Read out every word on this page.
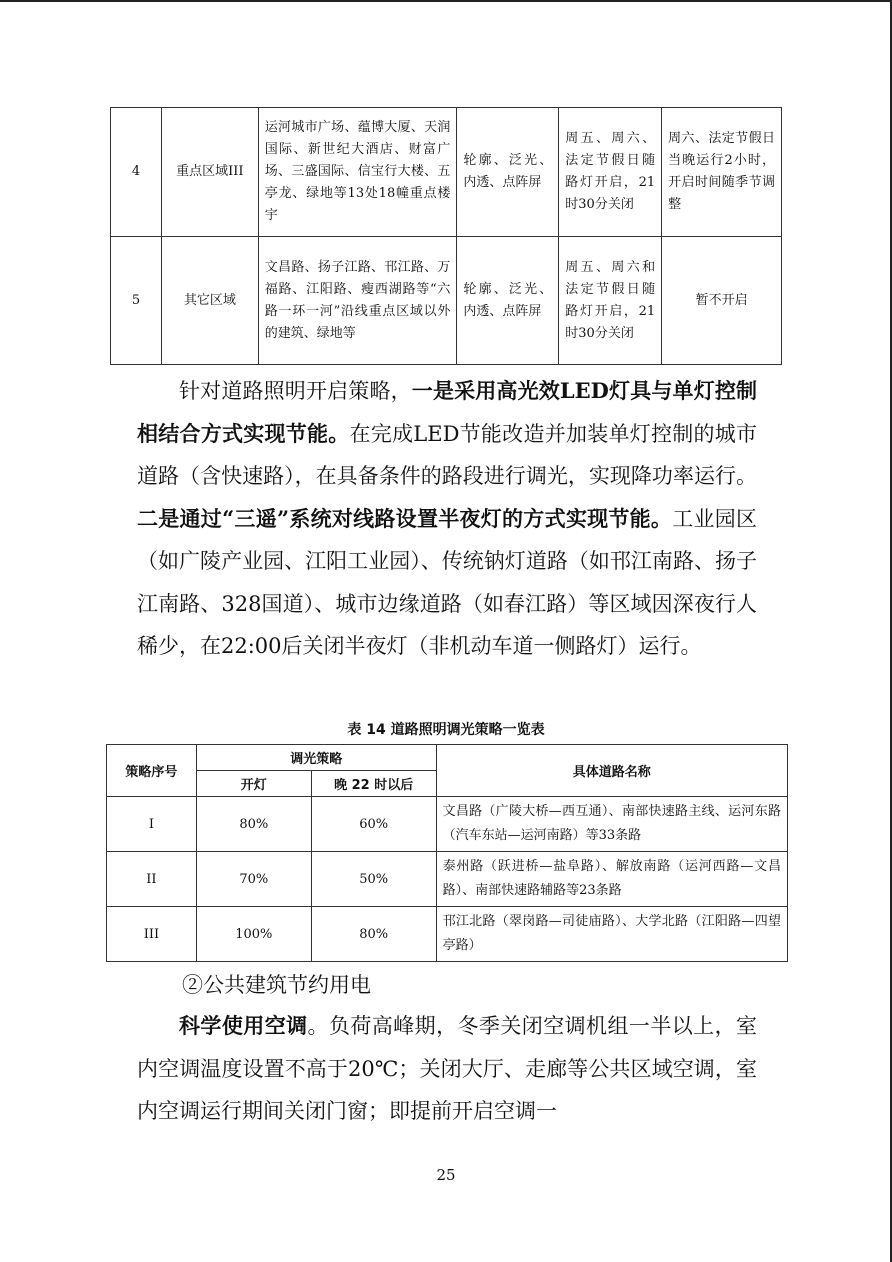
4	重点区域III	运河城市广场、蕴博大厦、天润国际、新世纪大酒店、财富广场、三盛国际、信宝行大楼、五亭龙、绿地等13处18幢重点楼宇	轮廓、泛光、内透、点阵屏	周五、周六、法定节假日随路灯开启，21时30分关闭	周六、法定节假日当晚运行2小时，开启时间随季节调整
5	其它区域	文昌路、扬子江路、邗江路、万福路、江阳路、瘦西湖路等“六路一环一河”沿线重点区域以外的建筑、绿地等	轮廓、泛光、内透、点阵屏	周五、周六和法定节假日随路灯开启，21时30分关闭	暂不开启
针对道路照明开启策略，一是采用高光效LED灯具与单灯控制相结合方式实现节能。在完成LED节能改造并加装单灯控制的城市道路（含快速路），在具备条件的路段进行调光，实现降功率运行。二是通过“三遥”系统对线路设置半夜灯的方式实现节能。工业园区（如广陵产业园、江阳工业园）、传统钠灯道路（如邗江南路、扬子江南路、328国道）、城市边缘道路（如春江路）等区域因深夜行人稀少，在22:00后关闭半夜灯（非机动车道一侧路灯）运行。
表 14 道路照明调光策略一览表
策略序号	调光策略		具体道路名称
	开灯	晚 22 时以后	
I	80%	60%	文昌路（广陵大桥—西互通）、南部快速路主线、运河东路（汽车东站—运河南路）等33条路
II	70%	50%	泰州路（跃进桥—盐阜路）、解放南路（运河西路—文昌路）、南部快速路辅路等23条路
III	100%	80%	邗江北路（翠岗路—司徒庙路）、大学北路（江阳路—四望亭路）
②公共建筑节约用电
科学使用空调。负荷高峰期，冬季关闭空调机组一半以上，室内空调温度设置不高于20℃；关闭大厅、走廊等公共区域空调，室内空调运行期间关闭门窗；即提前开启空调一
25
